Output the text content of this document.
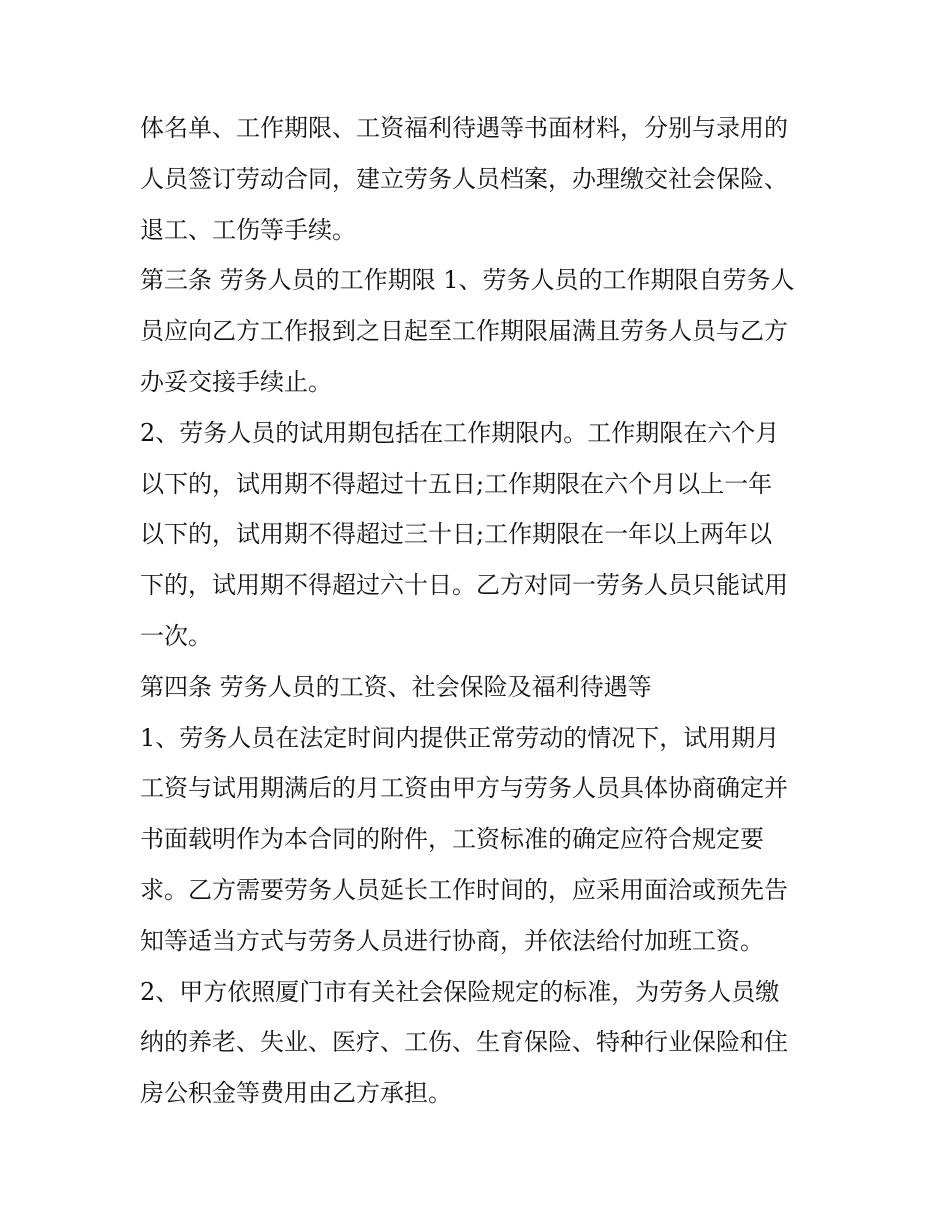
体名单、工作期限、工资福利待遇等书面材料，分别与录用的
人员签订劳动合同，建立劳务人员档案，办理缴交社会保险、
退工、工伤等手续。
第三条 劳务人员的工作期限 1、劳务人员的工作期限自劳务人
员应向乙方工作报到之日起至工作期限届满且劳务人员与乙方
办妥交接手续止。
2、劳务人员的试用期包括在工作期限内。工作期限在六个月
以下的，试用期不得超过十五日;工作期限在六个月以上一年
以下的，试用期不得超过三十日;工作期限在一年以上两年以
下的，试用期不得超过六十日。乙方对同一劳务人员只能试用
一次。
第四条 劳务人员的工资、社会保险及福利待遇等
1、劳务人员在法定时间内提供正常劳动的情况下，试用期月
工资与试用期满后的月工资由甲方与劳务人员具体协商确定并
书面载明作为本合同的附件，工资标准的确定应符合规定要
求。乙方需要劳务人员延长工作时间的，应采用面洽或预先告
知等适当方式与劳务人员进行协商，并依法给付加班工资。
2、甲方依照厦门市有关社会保险规定的标准，为劳务人员缴
纳的养老、失业、医疗、工伤、生育保险、特种行业保险和住
房公积金等费用由乙方承担。
